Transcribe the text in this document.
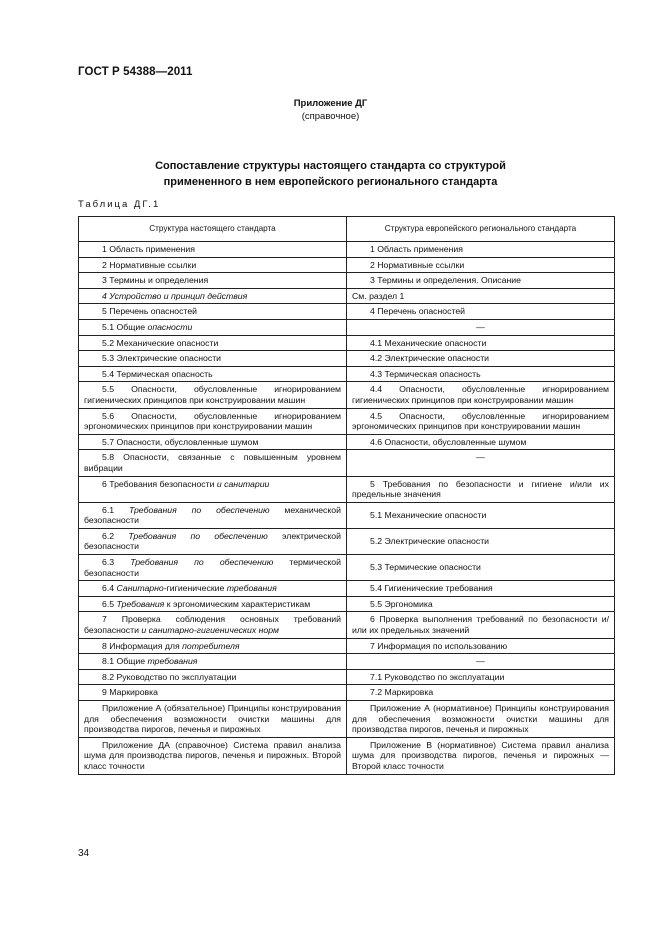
ГОСТ Р 54388—2011
Приложение ДГ
(справочное)
Сопоставление структуры настоящего стандарта со структурой
примененного в нем европейского регионального стандарта
Таблица ДГ.1
Структура настоящего стандарта	Структура европейского регионального стандарта
1 Область применения	1 Область применения
2 Нормативные ссылки	2 Нормативные ссылки
3 Термины и определения	3 Термины и определения. Описание
4 Устройство и принцип действия	См. раздел 1
5 Перечень опасностей	4 Перечень опасностей
5.1 Общие опасности	—
5.2 Механические опасности	4.1 Механические опасности
5.3 Электрические опасности	4.2 Электрические опасности
5.4 Термическая опасность	4.3 Термическая опасность
5.5 Опасности, обусловленные игнорированием гигиенических принципов при конструировании машин	4.4 Опасности, обусловленные игнорированием гигиенических принципов при конструировании машин
5.6 Опасности, обусловленные игнорированием эргономических принципов при конструировании машин	4.5 Опасности, обусловленные игнорированием эргономических принципов при конструировании машин
5.7 Опасности, обусловленные шумом	4.6 Опасности, обусловленные шумом
5.8 Опасности, связанные с повышенным уровнем вибрации	—
6 Требования безопасности и санитарии	5 Требования по безопасности и гигиене и/или их предельные значения
6.1 Требования по обеспечению механической безопасности	5.1 Механические опасности
6.2 Требования по обеспечению электрической безопасности	5.2 Электрические опасности
6.3 Требования по обеспечению термической безопасности	5.3 Термические опасности
6.4 Санитарно-гигиенические требования	5.4 Гигиенические требования
6.5 Требования к эргономическим характеристикам	5.5 Эргономика
7 Проверка соблюдения основных требований безопасности и санитарно-гигиенических норм	6 Проверка выполнения требований по безопасности и/или их предельных значений
8 Информация для потребителя	7 Информация по использованию
8.1 Общие требования	—
8.2 Руководство по эксплуатации	7.1 Руководство по эксплуатации
9 Маркировка	7.2 Маркировка
Приложение А (обязательное) Принципы конструирования для обеспечения возможности очистки машины для производства пирогов, печенья и пирожных	Приложение А (нормативное) Принципы конструирования для обеспечения возможности очистки машины для производства пирогов, печенья и пирожных
Приложение ДА (справочное) Система правил анализа шума для производства пирогов, печенья и пирожных. Второй класс точности	Приложение В (нормативное) Система правил анализа шума для производства пирогов, печенья и пирожных — Второй класс точности
34
